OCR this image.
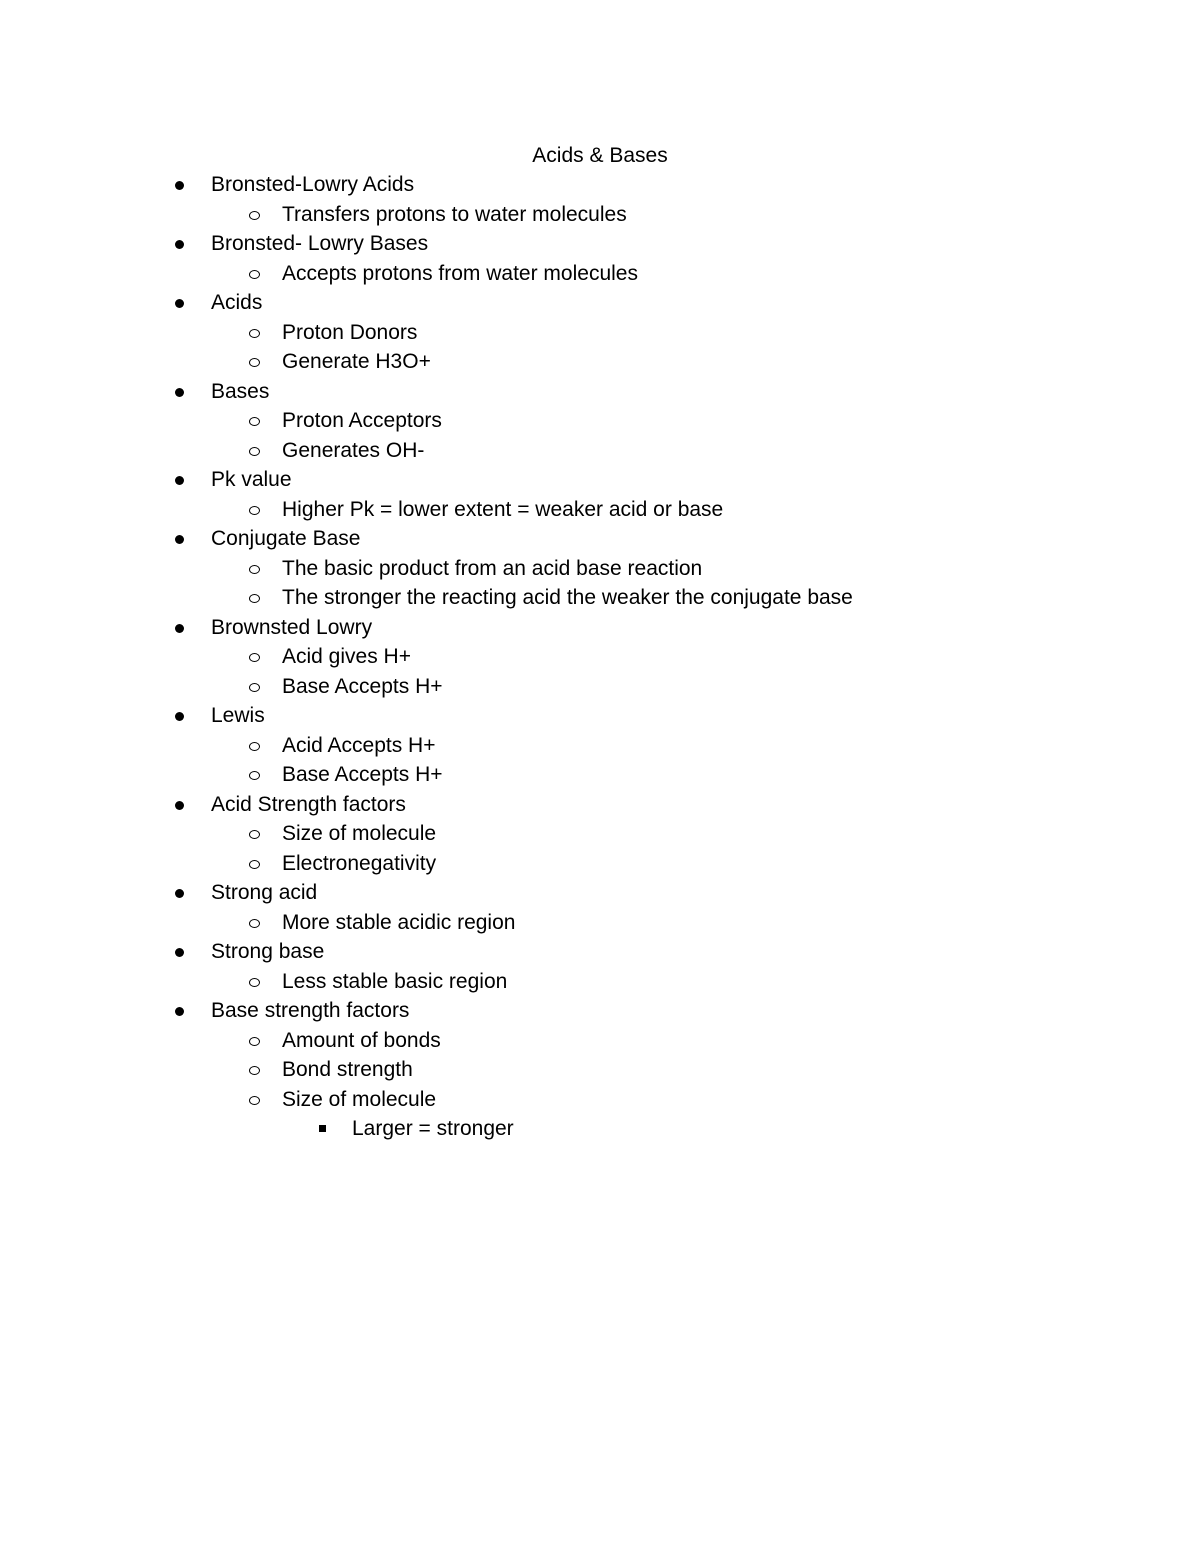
Acids & Bases
Bronsted-Lowry Acids
Transfers protons to water molecules
Bronsted- Lowry Bases
Accepts protons from water molecules
Acids
Proton Donors
Generate H3O+
Bases
Proton Acceptors
Generates OH-
Pk value
Higher Pk = lower extent = weaker acid or base
Conjugate Base
The basic product from an acid base reaction
The stronger the reacting acid the weaker the conjugate base
Brownsted Lowry
Acid gives H+
Base Accepts H+
Lewis
Acid Accepts H+
Base Accepts H+
Acid Strength factors
Size of molecule
Electronegativity
Strong acid
More stable acidic region
Strong base
Less stable basic region
Base strength factors
Amount of bonds
Bond strength
Size of molecule
Larger = stronger
